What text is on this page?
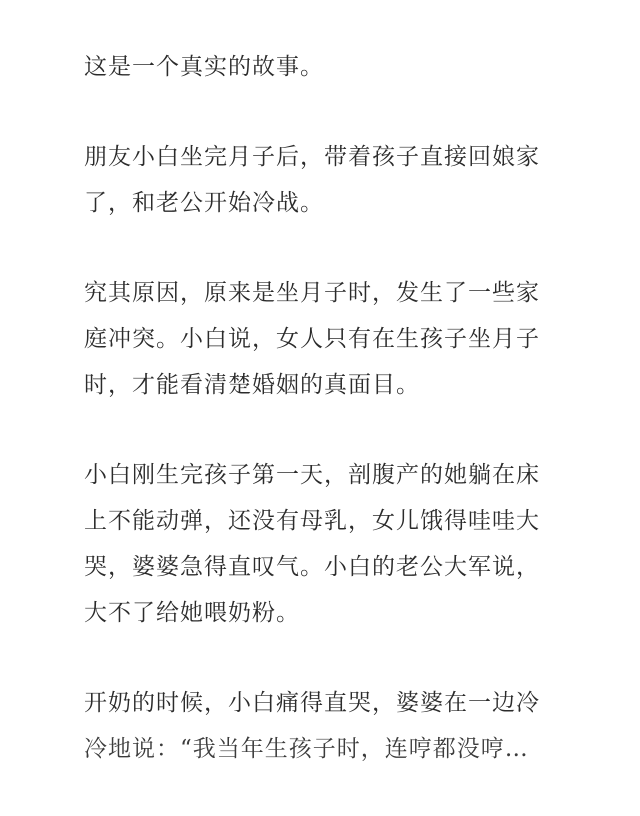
这是一个真实的故事。

朋友小白坐完月子后，带着孩子直接回娘家
了，和老公开始冷战。

究其原因，原来是坐月子时，发生了一些家
庭冲突。小白说，女人只有在生孩子坐月子
时，才能看清楚婚姻的真面目。

小白刚生完孩子第一天，剖腹产的她躺在床
上不能动弹，还没有母乳，女儿饿得哇哇大
哭，婆婆急得直叹气。小白的老公大军说，
大不了给她喂奶粉。

开奶的时候，小白痛得直哭，婆婆在一边冷
冷地说：“我当年生孩子时，连哼都没哼…
